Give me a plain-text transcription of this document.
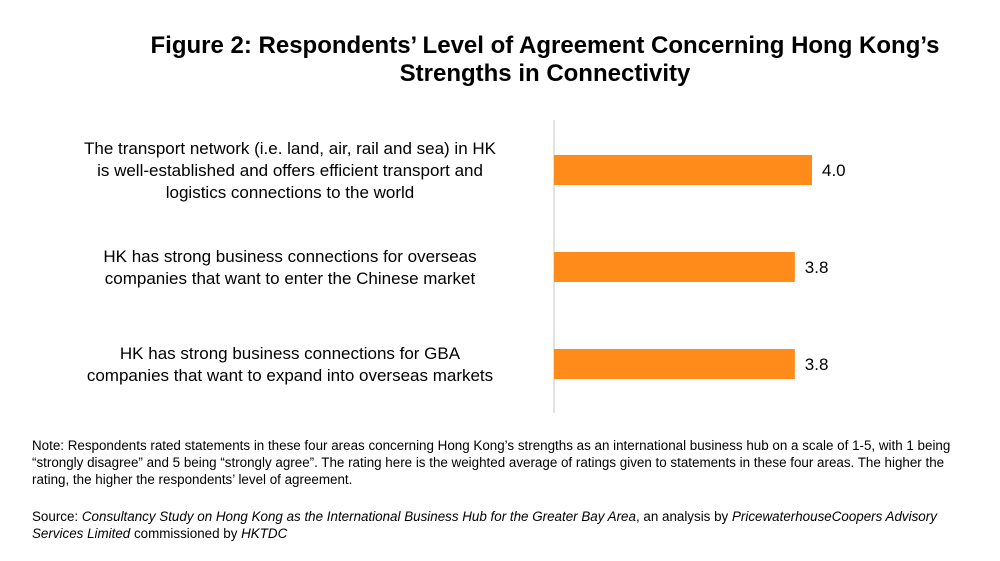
Figure 2: Respondents’ Level of Agreement Concerning Hong Kong’s Strengths in Connectivity
4.0
The transport network (i.e. land, air, rail and sea) in HK is well-established and offers efficient transport and logistics connections to the world
3.8
HK has strong business connections for overseas companies that want to enter the Chinese market
3.8
HK has strong business connections for GBA companies that want to expand into overseas markets

Note: Respondents rated statements in these four areas concerning Hong Kong’s strengths as an international business hub on a scale of 1-5, with 1 being “strongly disagree” and 5 being “strongly agree”. The rating here is the weighted average of ratings given to statements in these four areas. The higher the rating, the higher the respondents’ level of agreement.

Source: Consultancy Study on Hong Kong as the International Business Hub for the Greater Bay Area, an analysis by PricewaterhouseCoopers Advisory Services Limited commissioned by HKTDC
